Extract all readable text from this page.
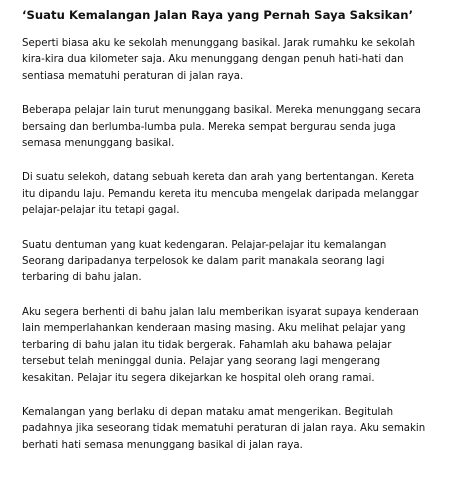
‘Suatu Kemalangan Jalan Raya yang Pernah Saya Saksikan’
Seperti biasa aku ke sekolah menunggang basikal. Jarak rumahku ke sekolah
kira-kira dua kilometer saja. Aku menunggang dengan penuh hati-hati dan
sentiasa mematuhi peraturan di jalan raya.
Beberapa pelajar lain turut menunggang basikal. Mereka menunggang secara
bersaing dan berlumba-lumba pula. Mereka sempat bergurau senda juga
semasa menunggang basikal.
Di suatu selekoh, datang sebuah kereta dan arah yang bertentangan. Kereta
itu dipandu laju. Pemandu kereta itu mencuba mengelak daripada melanggar
pelajar-pelajar itu tetapi gagal.
Suatu dentuman yang kuat kedengaran. Pelajar-pelajar itu kemalangan
Seorang daripadanya terpelosok ke dalam parit manakala seorang lagi
terbaring di bahu jalan.
Aku segera berhenti di bahu jalan lalu memberikan isyarat supaya kenderaan
lain memperlahankan kenderaan masing masing. Aku melihat pelajar yang
terbaring di bahu jalan itu tidak bergerak. Fahamlah aku bahawa pelajar
tersebut telah meninggal dunia. Pelajar yang seorang lagi mengerang
kesakitan. Pelajar itu segera dikejarkan ke hospital oleh orang ramai.
Kemalangan yang berlaku di depan mataku amat mengerikan. Begitulah
padahnya jika seseorang tidak mematuhi peraturan di jalan raya. Aku semakin
berhati hati semasa menunggang basikal di jalan raya.
